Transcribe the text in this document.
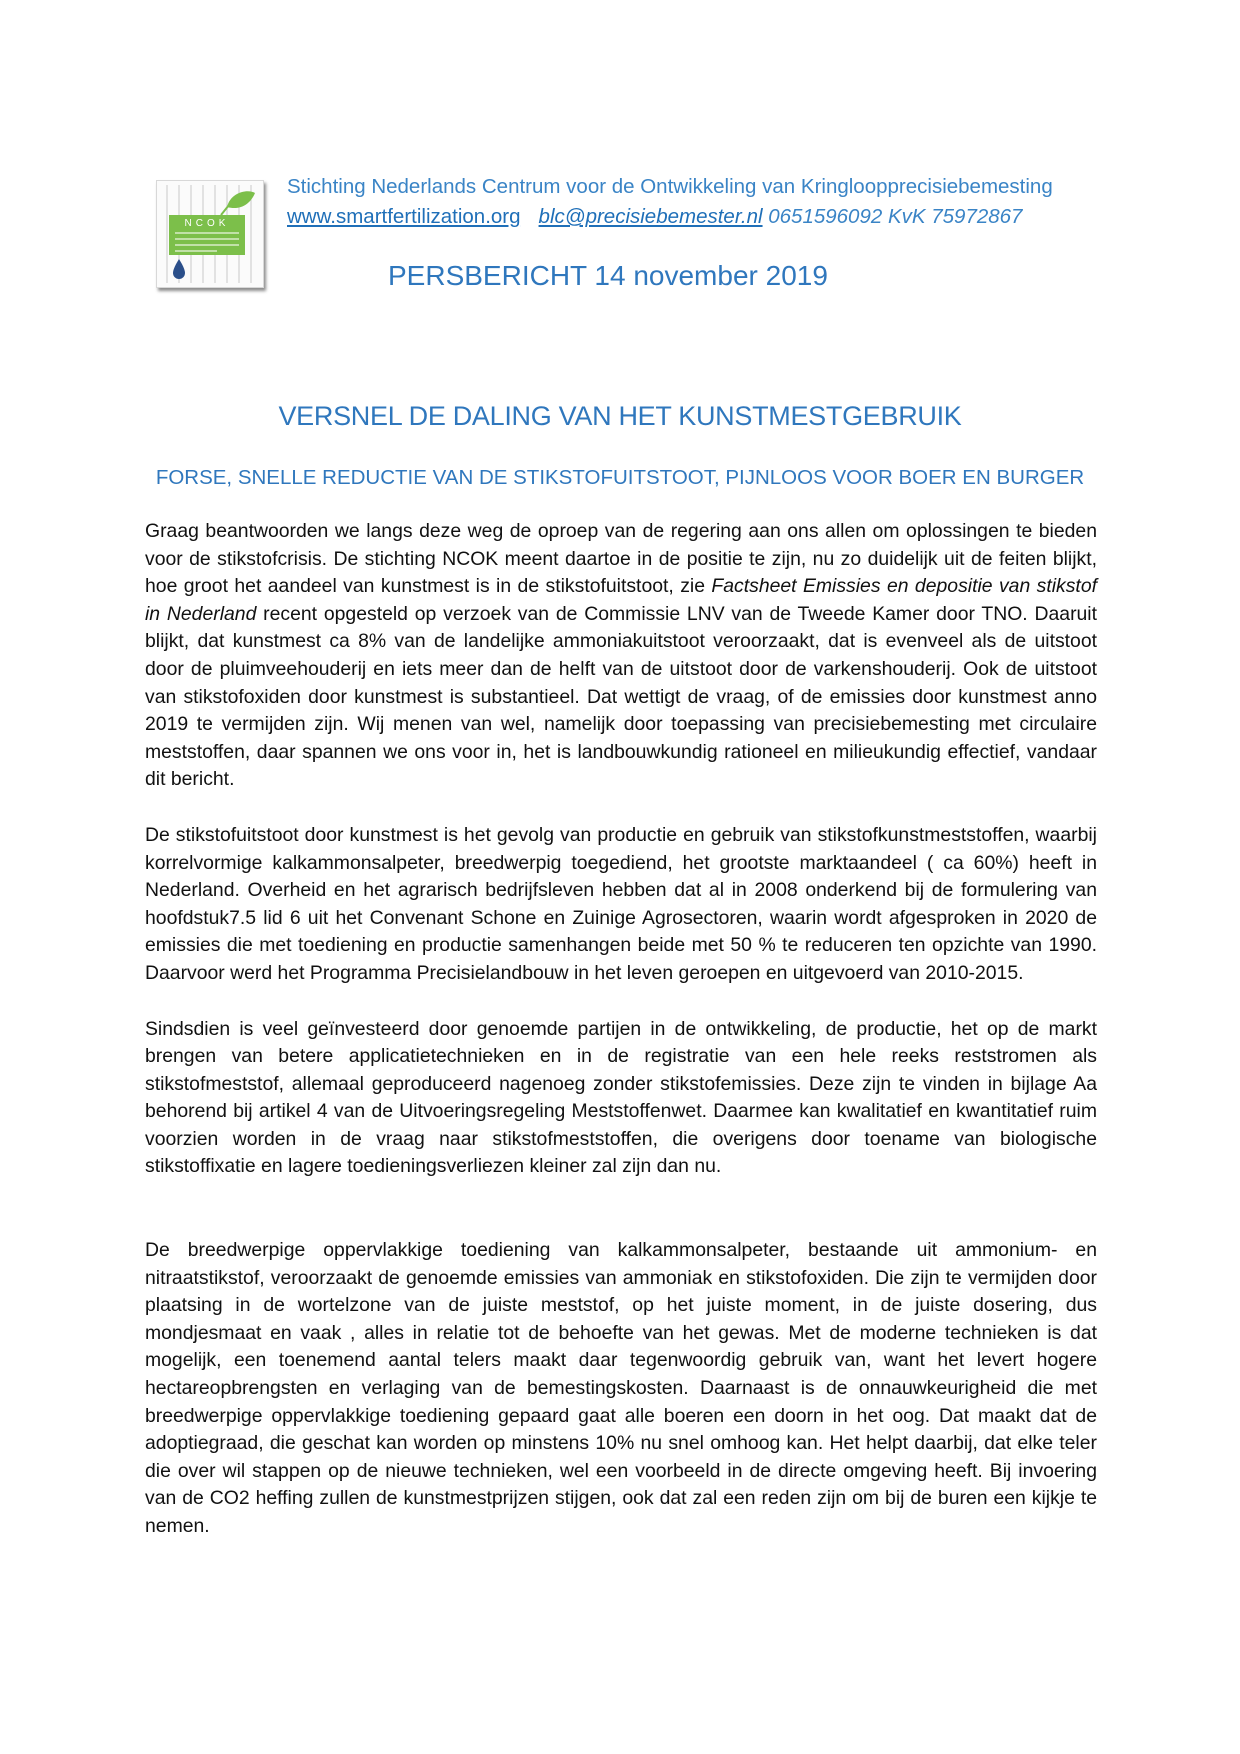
NCOK
Stichting Nederlands Centrum voor de Ontwikkeling van Kringloopprecisiebemesting
www.smartfertilization.org blc@precisiebemester.nl 0651596092 KvK 75972867
PERSBERICHT 14 november 2019
VERSNEL DE DALING VAN HET KUNSTMESTGEBRUIK
FORSE, SNELLE REDUCTIE VAN DE STIKSTOFUITSTOOT, PIJNLOOS VOOR BOER EN BURGER

Graag beantwoorden we langs deze weg de oproep van de regering aan ons allen om oplossingen te bieden voor de stikstofcrisis. De stichting NCOK meent daartoe in de positie te zijn, nu zo duidelijk uit de feiten blijkt, hoe groot het aandeel van kunstmest is in de stikstofuitstoot, zie Factsheet Emissies en depositie van stikstof in Nederland recent opgesteld op verzoek van de Commissie LNV van de Tweede Kamer door TNO. Daaruit blijkt, dat kunstmest ca 8% van de landelijke ammoniakuitstoot veroorzaakt, dat is evenveel als de uitstoot door de pluimveehouderij en iets meer dan de helft van de uitstoot door de varkenshouderij. Ook de uitstoot van stikstofoxiden door kunstmest is substantieel. Dat wettigt de vraag, of de emissies door kunstmest anno 2019 te vermijden zijn. Wij menen van wel, namelijk door toepassing van precisiebemesting met circulaire meststoffen, daar spannen we ons voor in, het is landbouwkundig rationeel en milieukundig effectief, vandaar dit bericht.

De stikstofuitstoot door kunstmest is het gevolg van productie en gebruik van stikstofkunstmeststoffen, waarbij korrelvormige kalkammonsalpeter, breedwerpig toegediend, het grootste marktaandeel ( ca 60%) heeft in Nederland. Overheid en het agrarisch bedrijfsleven hebben dat al in 2008 onderkend bij de formulering van hoofdstuk7.5 lid 6 uit het Convenant Schone en Zuinige Agrosectoren, waarin wordt afgesproken in 2020 de emissies die met toediening en productie samenhangen beide met 50 % te reduceren ten opzichte van 1990. Daarvoor werd het Programma Precisielandbouw in het leven geroepen en uitgevoerd van 2010-2015.

Sindsdien is veel geïnvesteerd door genoemde partijen in de ontwikkeling, de productie, het op de markt brengen van betere applicatietechnieken en in de registratie van een hele reeks reststromen als stikstofmeststof, allemaal geproduceerd nagenoeg zonder stikstofemissies. Deze zijn te vinden in bijlage Aa behorend bij artikel 4 van de Uitvoeringsregeling Meststoffenwet. Daarmee kan kwalitatief en kwantitatief ruim voorzien worden in de vraag naar stikstofmeststoffen, die overigens door toename van biologische stikstoffixatie en lagere toedieningsverliezen kleiner zal zijn dan nu.

De breedwerpige oppervlakkige toediening van kalkammonsalpeter, bestaande uit ammonium- en nitraatstikstof, veroorzaakt de genoemde emissies van ammoniak en stikstofoxiden. Die zijn te vermijden door plaatsing in de wortelzone van de juiste meststof, op het juiste moment, in de juiste dosering, dus mondjesmaat en vaak , alles in relatie tot de behoefte van het gewas. Met de moderne technieken is dat mogelijk, een toenemend aantal telers maakt daar tegenwoordig gebruik van, want het levert hogere hectareopbrengsten en verlaging van de bemestingskosten. Daarnaast is de onnauwkeurigheid die met breedwerpige oppervlakkige toediening gepaard gaat alle boeren een doorn in het oog. Dat maakt dat de adoptiegraad, die geschat kan worden op minstens 10% nu snel omhoog kan. Het helpt daarbij, dat elke teler die over wil stappen op de nieuwe technieken, wel een voorbeeld in de directe omgeving heeft. Bij invoering van de CO2 heffing zullen de kunstmestprijzen stijgen, ook dat zal een reden zijn om bij de buren een kijkje te nemen.
